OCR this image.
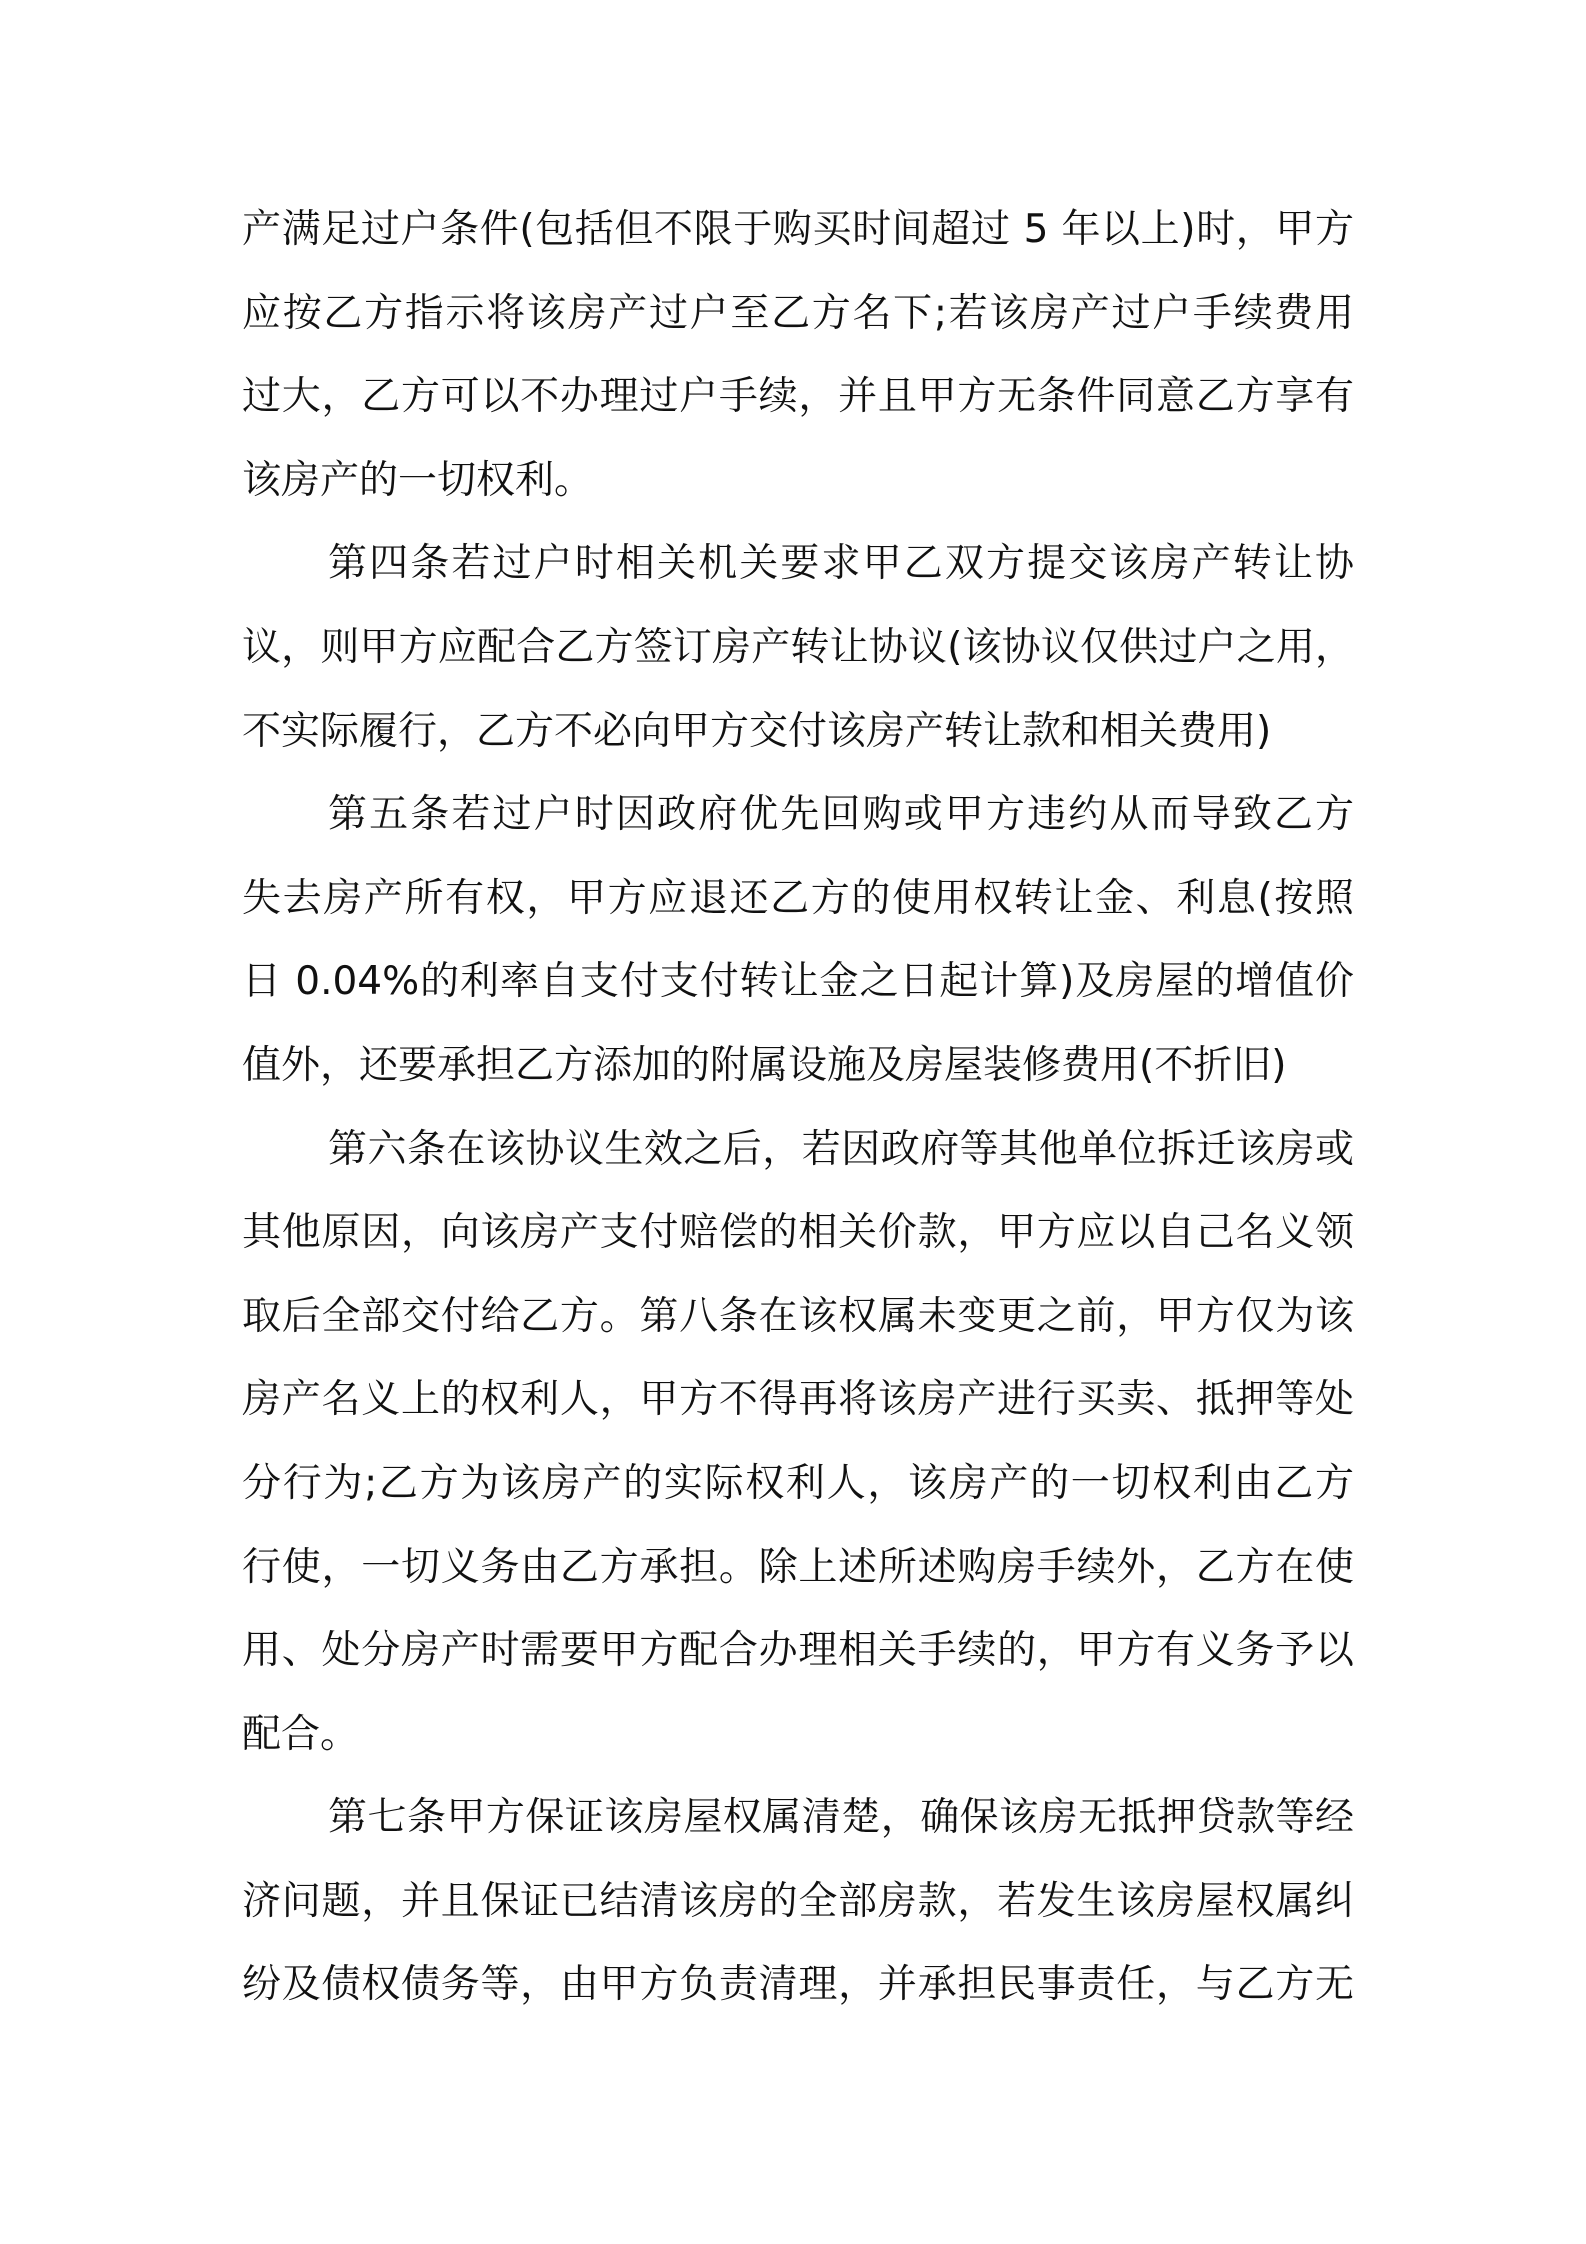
产满足过户条件(包括但不限于购买时间超过 5 年以上)时，甲方
应按乙方指示将该房产过户至乙方名下;若该房产过户手续费用
过大，乙方可以不办理过户手续，并且甲方无条件同意乙方享有
该房产的一切权利。
第四条若过户时相关机关要求甲乙双方提交该房产转让协
议，则甲方应配合乙方签订房产转让协议(该协议仅供过户之用，
不实际履行，乙方不必向甲方交付该房产转让款和相关费用)
第五条若过户时因政府优先回购或甲方违约从而导致乙方
失去房产所有权，甲方应退还乙方的使用权转让金、利息(按照
日 0.04%的利率自支付支付转让金之日起计算)及房屋的增值价
值外，还要承担乙方添加的附属设施及房屋装修费用(不折旧)
第六条在该协议生效之后，若因政府等其他单位拆迁该房或
其他原因，向该房产支付赔偿的相关价款，甲方应以自己名义领
取后全部交付给乙方。第八条在该权属未变更之前，甲方仅为该
房产名义上的权利人，甲方不得再将该房产进行买卖、抵押等处
分行为;乙方为该房产的实际权利人，该房产的一切权利由乙方
行使，一切义务由乙方承担。除上述所述购房手续外，乙方在使
用、处分房产时需要甲方配合办理相关手续的，甲方有义务予以
配合。
第七条甲方保证该房屋权属清楚，确保该房无抵押贷款等经
济问题，并且保证已结清该房的全部房款，若发生该房屋权属纠
纷及债权债务等，由甲方负责清理，并承担民事责任，与乙方无
